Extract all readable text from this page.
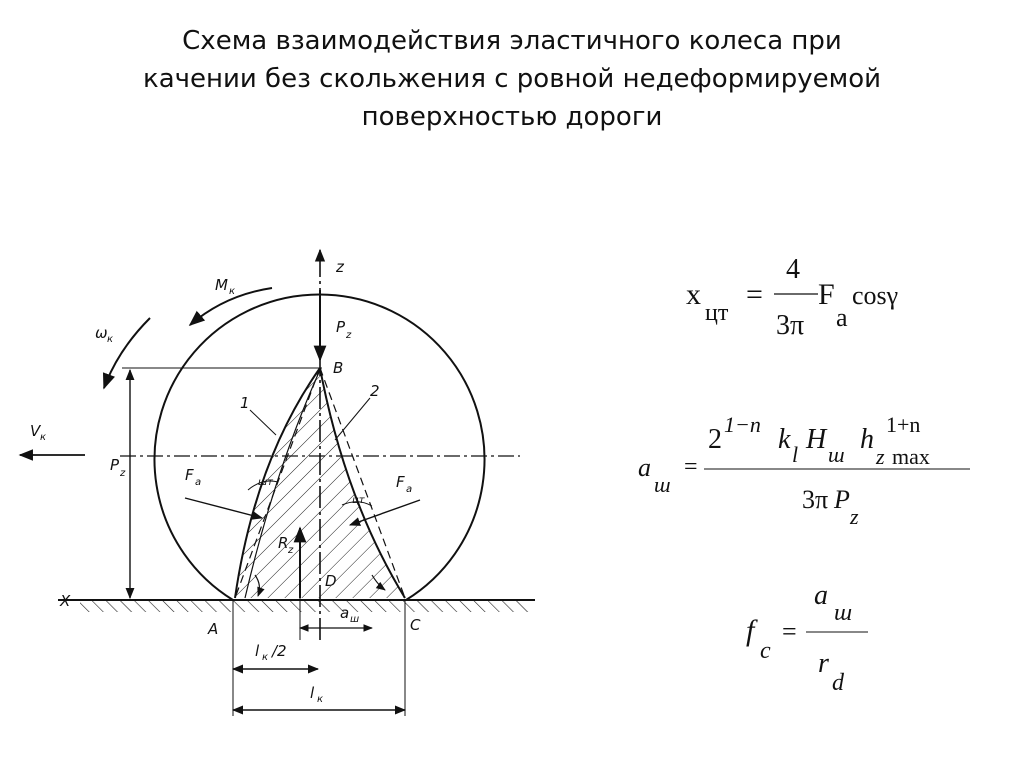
Схема взаимодействия эластичного колеса при
качении без скольжения с ровной недеформируемой
поверхностью дороги
z
M к
ω к
P z
B
1
2
V к
P z	F a	F a
шт
цт
R z
D
X
A	C
a ш
l к /2
l к
x
цт
=
4
3π
F
a
cosγ
a
ш
=
2 1−n k l H ш h
z
1+n
max
3π P
z
f
c
=
a
ш
r
d
